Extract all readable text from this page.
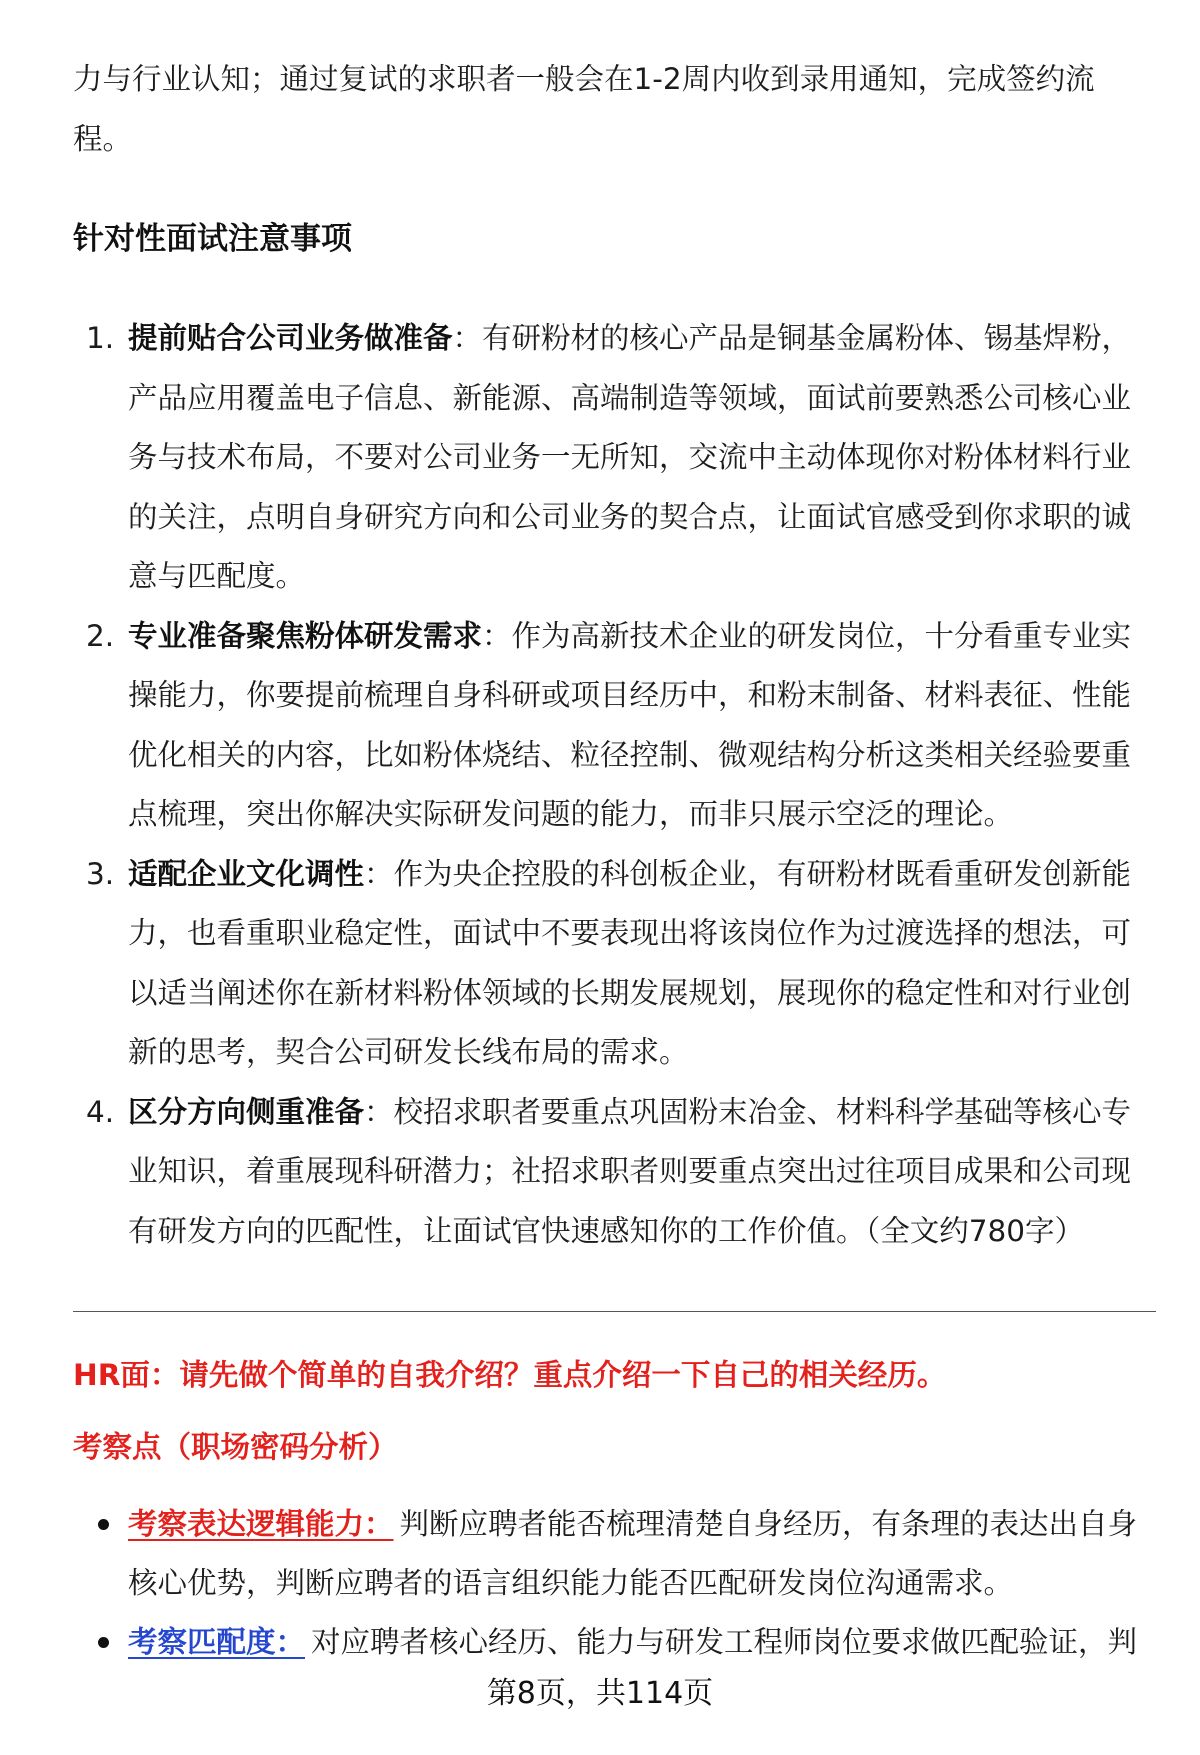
力与行业认知；通过复试的求职者一般会在1-2周内收到录用通知，完成签约流程。

针对性面试注意事项
1. 提前贴合公司业务做准备：有研粉材的核心产品是铜基金属粉体、锡基焊粉，产品应用覆盖电子信息、新能源、高端制造等领域，面试前要熟悉公司核心业务与技术布局，不要对公司业务一无所知，交流中主动体现你对粉体材料行业的关注，点明自身研究方向和公司业务的契合点，让面试官感受到你求职的诚意与匹配度。
2. 专业准备聚焦粉体研发需求：作为高新技术企业的研发岗位，十分看重专业实操能力，你要提前梳理自身科研或项目经历中，和粉末制备、材料表征、性能优化相关的内容，比如粉体烧结、粒径控制、微观结构分析这类相关经验要重点梳理，突出你解决实际研发问题的能力，而非只展示空泛的理论。
3. 适配企业文化调性：作为央企控股的科创板企业，有研粉材既看重研发创新能力，也看重职业稳定性，面试中不要表现出将该岗位作为过渡选择的想法，可以适当阐述你在新材料粉体领域的长期发展规划，展现你的稳定性和对行业创新的思考，契合公司研发长线布局的需求。
4. 区分方向侧重准备：校招求职者要重点巩固粉末冶金、材料科学基础等核心专业知识，着重展现科研潜力；社招求职者则要重点突出过往项目成果和公司现有研发方向的匹配性，让面试官快速感知你的工作价值。（全文约780字）
HR面：请先做个简单的自我介绍？重点介绍一下自己的相关经历。
考察点（职场密码分析）
考察表达逻辑能力： 判断应聘者能否梳理清楚自身经历，有条理的表达出自身核心优势，判断应聘者的语言组织能力能否匹配研发岗位沟通需求。
考察匹配度： 对应聘者核心经历、能力与研发工程师岗位要求做匹配验证，判
第8页，共114页
